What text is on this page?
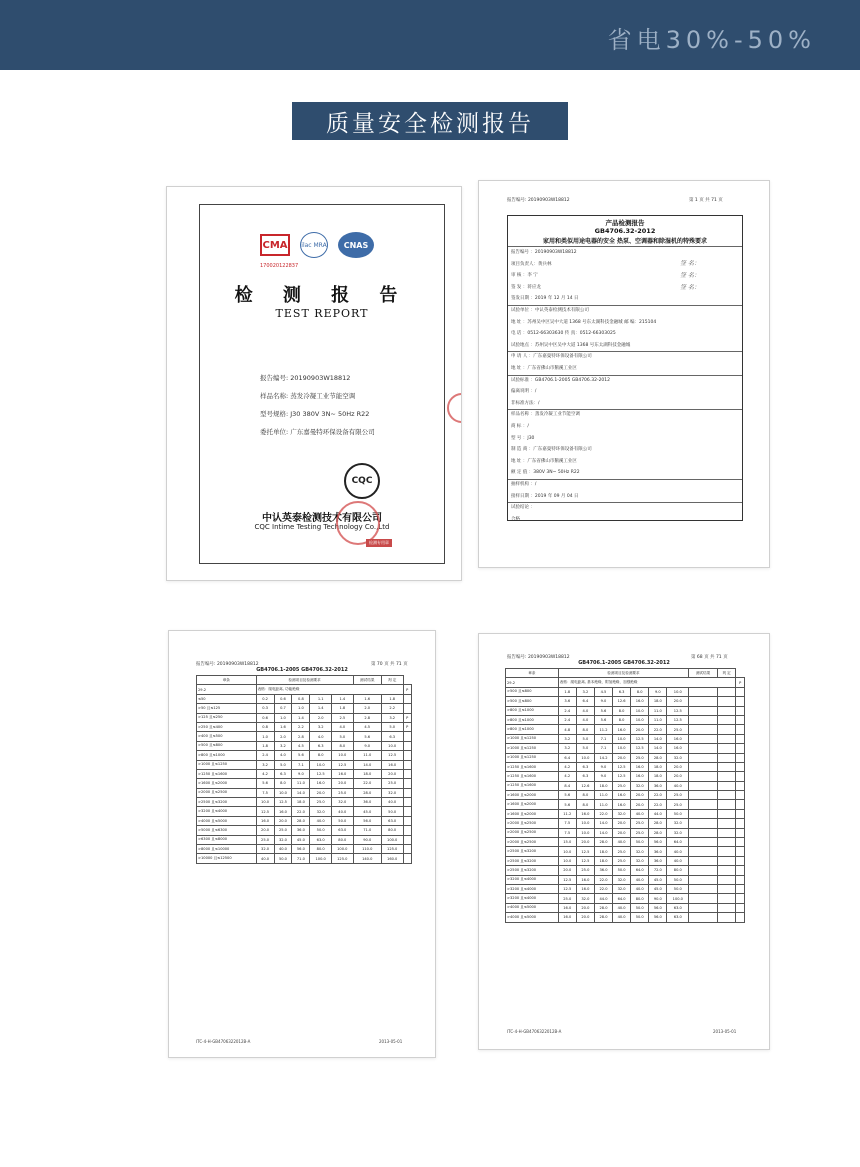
省电30%-50%
质量安全检测报告
CMA	ilac MRA	CNAS
170020122837
检 测 报 告
TEST REPORT
报告编号: 20190903W18812
样品名称: 蒸发冷凝工业节能空调
型号规格: J30 380V 3N~ 50Hz R22
委托单位: 广东嘉曼特环保设备有限公司
CQC
中认英泰检测技术有限公司
CQC Intime Testing Technology Co.,Ltd
检测专用章
报告编号: 20190903W18812	第 1 页 共 71 页
产品检测报告
GB4706.32-2012
家用和类似用途电器的安全 热泵、空调器和除湿机的特殊要求
报告编号 ：20190903W18812
项目负责人：黄兵林
审 核 ：李 宁
签 发 ：蒋应龙
签发日期 ：2019 年 12 月 14 日
试验单位 ：中认英泰检测技术有限公司
地 址 ：苏州吴中区吴中大道 1368 号东太湖科技金融城 邮 编：215104
电 话 ：0512-66303630 传 真：0512-66303025
试验地点 ：苏州吴中区吴中大道 1368 号东太湖科技金融城
申 请 人 ：广东嘉曼特环保设备有限公司
地 址 ：广东省佛山市鹅溪工业区
试验标准 ：GB4706.1-2005 GB4706.32-2012
偏离说明 ：/
非标准方法：/
样品名称 ：蒸发冷凝工业节能空调
商 标 ：/
型 号 ：J30
制 造 商 ：广东嘉曼特环保设备有限公司
地 址 ：广东省佛山市鹅溪工业区
额 定 值 ：380V 3N~ 50Hz R22
抽样机构 ：/
接样日期 ：2019 年 09 月 04 日
试验结论 ：
合格
签 名：
签 名：
签 名：
报告编号: 20190903W18812	第 70 页 共 71 页
GB4706.1-2005 GB4706.32-2012
章条	检测项目及检测要求					测试结果	判 定	
29.2	表格：爬电距离, 功能绝缘							P
≤50	0.2	0.6	0.8	1.1	1.4	1.6	1.8	
>50 且≤125	0.3	0.7	1.0	1.4	1.8	2.0	2.2	
>125 且≤250	0.6	1.0	1.4	2.0	2.5	2.8	3.2	P
>250 且≤400	0.8	1.6	2.2	3.2	4.0	4.5	5.0	P
>400 且≤500	1.0	2.0	2.8	4.0	5.0	5.6	6.3	
>500 且≤800	1.8	3.2	4.5	6.3	8.0	9.0	10.0	
>800 且≤1000	2.4	4.0	5.6	8.0	10.0	11.0	12.5	
>1000 且≤1250	3.2	5.0	7.1	10.0	12.5	14.0	16.0	
>1250 且≤1600	4.2	6.3	9.0	12.5	16.0	18.0	20.0	
>1600 且≤2000	5.6	8.0	11.0	16.0	20.0	22.0	25.0	
>2000 且≤2500	7.5	10.0	14.0	20.0	25.0	28.0	32.0	
>2500 且≤3200	10.0	12.5	18.0	25.0	32.0	36.0	40.0	
>3200 且≤4000	12.5	16.0	22.0	32.0	40.0	45.0	50.0	
>4000 且≤5000	16.0	20.0	28.0	40.0	50.0	56.0	63.0	
>5000 且≤6300	20.0	25.0	36.0	50.0	63.0	71.0	80.0	
>6300 且≤8000	25.0	32.0	45.0	63.0	80.0	90.0	100.0	
>8000 且≤10000	32.0	40.0	56.0	80.0	100.0	110.0	125.0	
>10000 且≤12500	40.0	50.0	71.0	100.0	125.0	140.0	160.0	
ITC-4-H-GB4706322012B-A	2013-05-01
报告编号: 20190903W18812	第 68 页 共 71 页
GB4706.1-2005 GB4706.32-2012
章条	检测项目及检测要求							测试结果	判 定	
29.2	表格：爬电距离, 基本绝缘、附加绝缘、加强绝缘									P
>500 且≤800	1.8	3.2	4.5	6.3	8.0	9.0	10.0			
>500 且≤800	3.6	6.4	9.0	12.6	16.0	18.0	20.0			
>800 且≤1000	2.4	4.0	5.6	8.0	10.0	11.0	12.5			
>800 且≤1000	2.4	4.0	5.6	8.0	10.0	11.0	12.5			
>800 且≤1000	4.8	8.0	11.2	16.0	20.0	22.0	25.0			
>1000 且≤1250	3.2	5.0	7.1	10.0	12.5	14.0	16.0			
>1000 且≤1250	3.2	5.0	7.1	10.0	12.5	14.0	16.0			
>1000 且≤1250	6.4	10.0	14.2	20.0	25.0	28.0	32.0			
>1250 且≤1600	4.2	6.3	9.0	12.5	16.0	18.0	20.0			
>1250 且≤1600	4.2	6.3	9.0	12.5	16.0	18.0	20.0			
>1250 且≤1600	8.4	12.6	18.0	25.0	32.0	36.0	40.0			
>1600 且≤2000	5.6	8.0	11.0	16.0	20.0	22.0	25.0			
>1600 且≤2000	5.6	8.0	11.0	16.0	20.0	22.0	25.0			
>1600 且≤2000	11.2	16.0	22.0	32.0	40.0	44.0	50.0			
>2000 且≤2500	7.5	10.0	14.0	20.0	25.0	28.0	32.0			
>2000 且≤2500	7.5	10.0	14.0	20.0	25.0	28.0	32.0			
>2000 且≤2500	15.0	20.0	28.0	40.0	50.0	56.0	64.0			
>2500 且≤3200	10.0	12.5	18.0	25.0	32.0	36.0	40.0			
>2500 且≤3200	10.0	12.5	18.0	25.0	32.0	36.0	40.0			
>2500 且≤3200	20.0	25.0	36.0	50.0	64.0	72.0	80.0			
>3200 且≤4000	12.5	16.0	22.0	32.0	40.0	45.0	50.0			
>3200 且≤4000	12.5	16.0	22.0	32.0	40.0	45.0	50.0			
>3200 且≤4000	25.0	32.0	44.0	64.0	80.0	90.0	100.0			
>4000 且≤5000	16.0	20.0	28.0	40.0	50.0	56.0	63.0			
>4000 且≤5000	16.0	20.0	28.0	40.0	50.0	56.0	63.0			
ITC-4-H-GB4706322012B-A	2013-05-01
